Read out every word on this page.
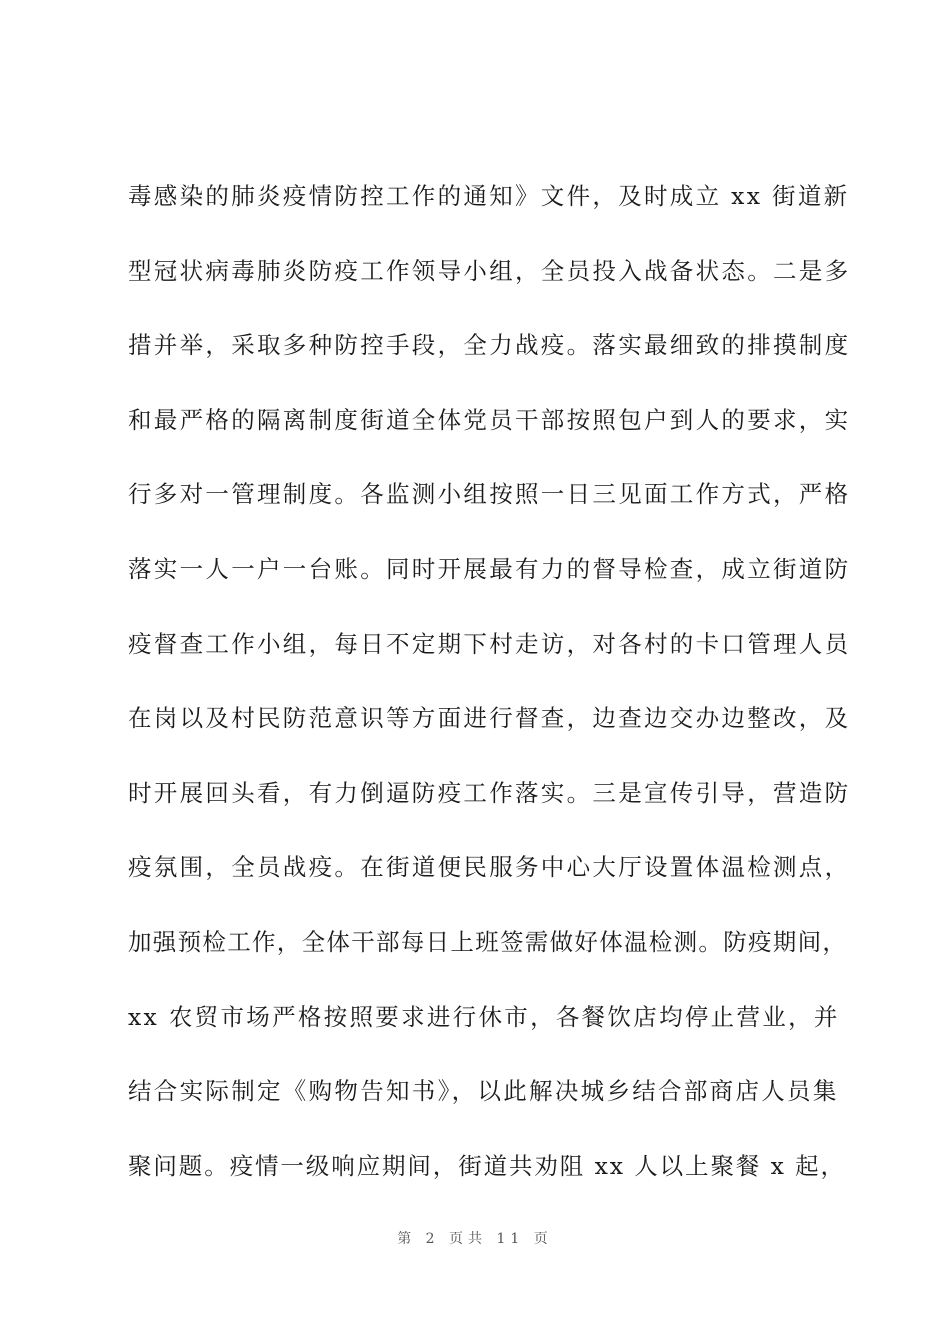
毒感染的肺炎疫情防控工作的通知》文件，及时成立 xx 街道新
型冠状病毒肺炎防疫工作领导小组，全员投入战备状态。二是多
措并举，采取多种防控手段，全力战疫。落实最细致的排摸制度
和最严格的隔离制度街道全体党员干部按照包户到人的要求，实
行多对一管理制度。各监测小组按照一日三见面工作方式，严格
落实一人一户一台账。同时开展最有力的督导检查，成立街道防
疫督查工作小组，每日不定期下村走访，对各村的卡口管理人员
在岗以及村民防范意识等方面进行督查，边查边交办边整改，及
时开展回头看，有力倒逼防疫工作落实。三是宣传引导，营造防
疫氛围，全员战疫。在街道便民服务中心大厅设置体温检测点，
加强预检工作，全体干部每日上班签需做好体温检测。防疫期间，
xx 农贸市场严格按照要求进行休市，各餐饮店均停止营业，并
结合实际制定《购物告知书》，以此解决城乡结合部商店人员集
聚问题。疫情一级响应期间，街道共劝阻 xx 人以上聚餐 x 起，
第 2 页共 11 页
